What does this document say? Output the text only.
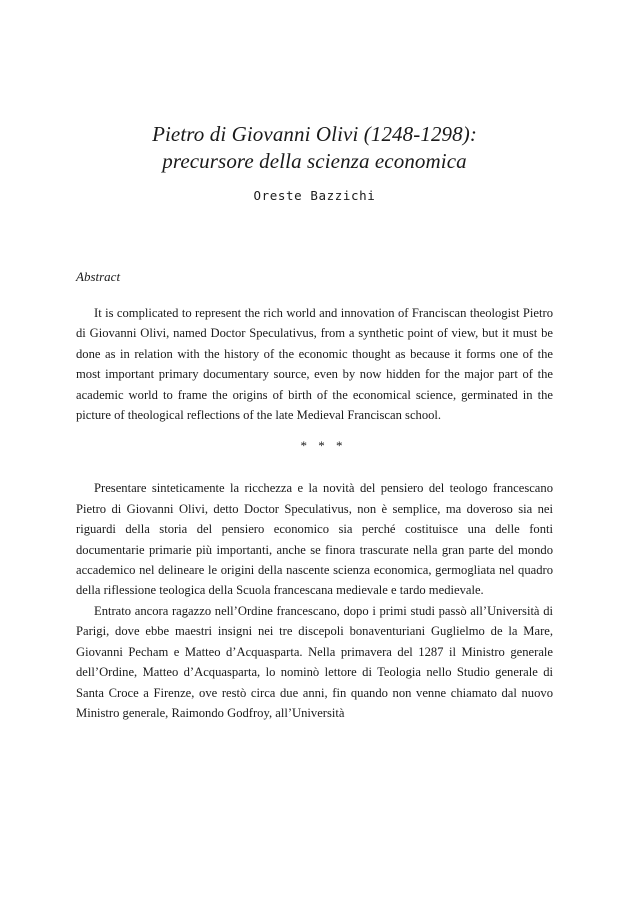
Pietro di Giovanni Olivi (1248-1298):
precursore della scienza economica
Oreste Bazzichi
Abstract

It is complicated to represent the rich world and innovation of Franciscan theologist Pietro di Giovanni Olivi, named Doctor Speculativus, from a synthetic point of view, but it must be done as in relation with the history of the economic thought as because it forms one of the most important primary documentary source, even by now hidden for the major part of the academic world to frame the origins of birth of the economical science, germinated in the picture of theological reflections of the late Medieval Franciscan school.

* * *

Presentare sinteticamente la ricchezza e la novità del pensiero del teologo francescano Pietro di Giovanni Olivi, detto Doctor Speculativus, non è semplice, ma doveroso sia nei riguardi della storia del pensiero economico sia perché costituisce una delle fonti documentarie primarie più importanti, anche se finora trascurate nella gran parte del mondo accademico nel delineare le origini della nascente scienza economica, germogliata nel quadro della riflessione teologica della Scuola francescana medievale e tardo medievale.

Entrato ancora ragazzo nell’Ordine francescano, dopo i primi studi passò all’Università di Parigi, dove ebbe maestri insigni nei tre discepoli bonaventuriani Guglielmo de la Mare, Giovanni Pecham e Matteo d’Acquasparta. Nella primavera del 1287 il Ministro generale dell’Ordine, Matteo d’Acquasparta, lo nominò lettore di Teologia nello Studio generale di Santa Croce a Firenze, ove restò circa due anni, fin quando non venne chiamato dal nuovo Ministro generale, Raimondo Godfroy, all’Università
